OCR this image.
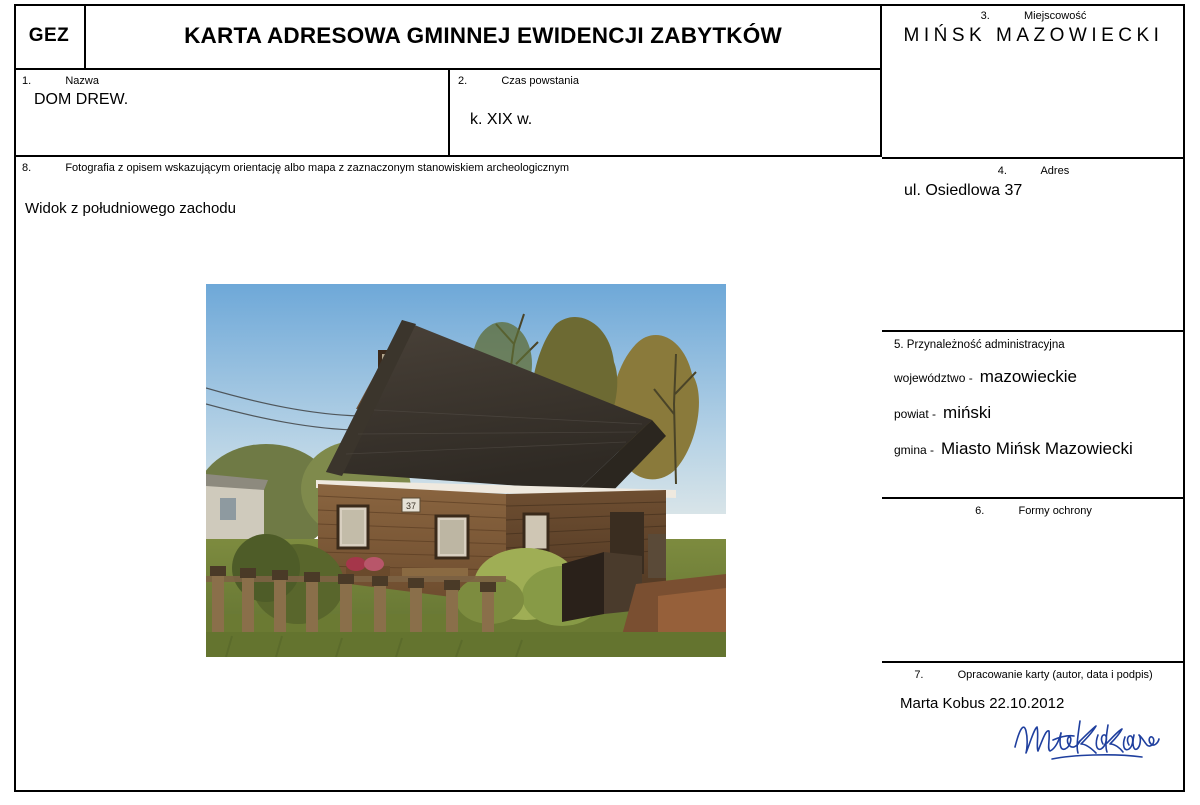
GEZ	KARTA ADRESOWA GMINNEJ EWIDENCJI ZABYTKÓW
3.	Miejscowość
MIŃSK MAZOWIECKI
4.	Adres
ul. Osiedlowa 37
5. Przynależność administracyjna
województwo - mazowieckie
powiat - miński
gmina - Miasto Mińsk Mazowiecki
6.	Formy ochrony
7.	Opracowanie karty (autor, data i podpis)
Marta Kobus 22.10.2012
1.	Nazwa
DOM DREW.
2.	Czas powstania
k. XIX w.
8.	Fotografia z opisem wskazującym orientację albo mapa z zaznaczonym stanowiskiem archeologicznym
Widok z południowego zachodu
37
